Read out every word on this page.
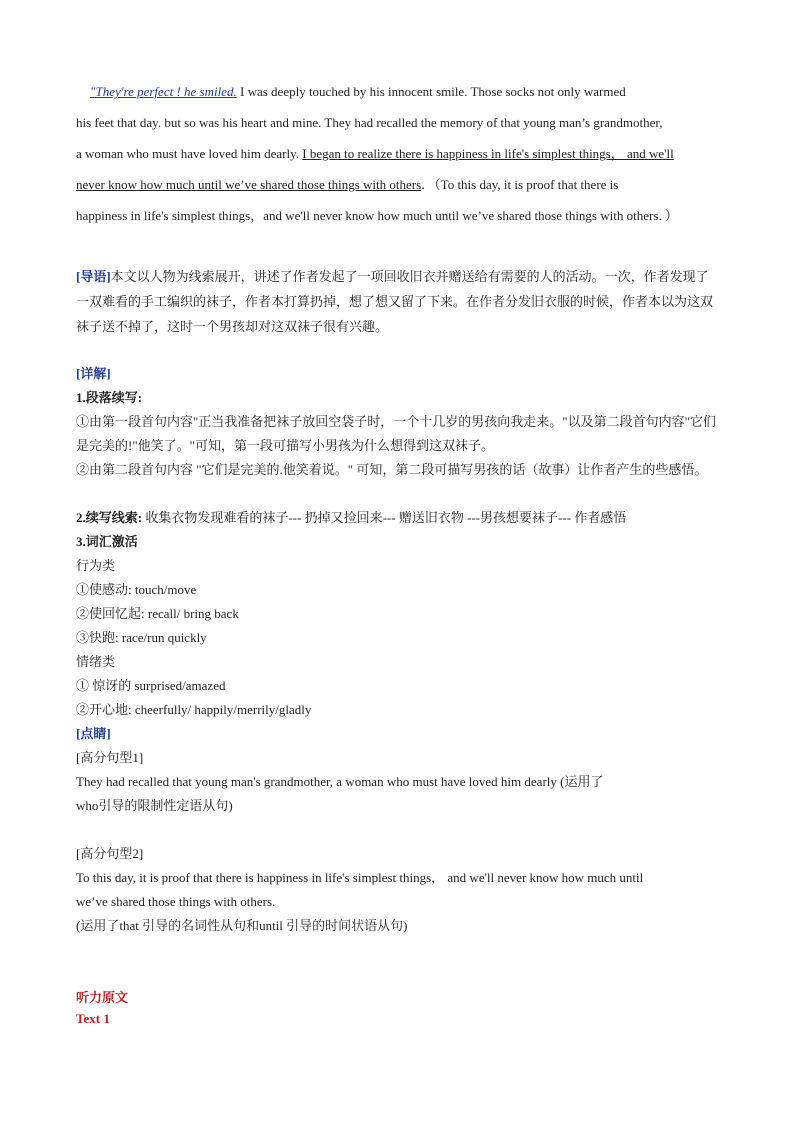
"They're perfect ! he smiled. I was deeply touched by his innocent smile. Those socks not only warmed

his feet that day. but so was his heart and mine. They had recalled the memory of that young man’s grandmother,

a woman who must have loved him dearly. I began to realize there is happiness in life's simplest things， and we'll

never know how much until we’ve shared those things with others．（To this day, it is proof that there is

happiness in life's simplest things，and we'll never know how much until we’ve shared those things with others．）

[导语]本文以人物为线索展开，讲述了作者发起了一项回收旧衣并赠送给有需要的人的活动。一次，作者发现了一双难看的手工编织的袜子，作者本打算扔掉，想了想又留了下来。在作者分发旧衣服的时候，作者本以为这双袜子送不掉了，这时一个男孩却对这双袜子很有兴趣。

[详解]

1.段落续写:

①由第一段首句内容"正当我准备把袜子放回空袋子时，一个十几岁的男孩向我走来。"以及第二段首句内容"它们是完美的!"他笑了。"可知，第一段可描写小男孩为什么想得到这双袜子。

②由第二段首句内容 "它们是完美的.他笑着说。" 可知，第二段可描写男孩的话（故事）让作者产生的些感悟。

2.续写线索: 收集衣物发现难看的袜子--- 扔掉又捡回来--- 赠送旧衣物 ---男孩想要袜子--- 作者感悟

3.词汇激活

行为类

①使感动: touch/move

②使回忆起: recall/ bring back

③快跑: race/run quickly

情绪类

① 惊讶的 surprised/amazed

②开心地: cheerfully/ happily/merrily/gladly

[点睛]

[高分句型1]

They had recalled that young man's grandmother, a woman who must have loved him dearly (运用了

who引导的限制性定语从句)

[高分句型2]

To this day, it is proof that there is happiness in life's simplest things， and we'll never know how much until

we’ve shared those things with others.

(运用了that 引导的名词性从句和until 引导的时间状语从句)

听力原文

Text 1
